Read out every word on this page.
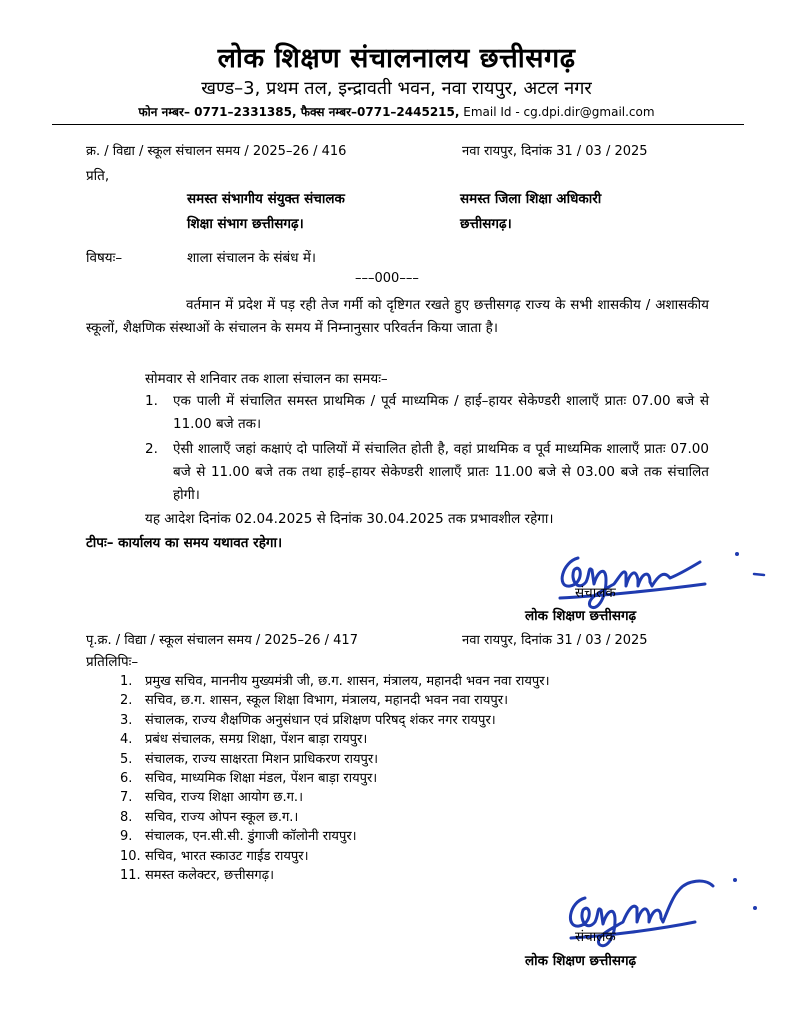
लोक शिक्षण संचालनालय छत्तीसगढ़
खण्ड–3, प्रथम तल, इन्द्रावती भवन, नवा रायपुर, अटल नगर
फोन नम्बर– 0771–2331385, फैक्स नम्बर–0771–2445215, Email Id - cg.dpi.dir@gmail.com
क्र. / विद्या / स्कूल संचालन समय / 2025–26 / 416	नवा रायपुर, दिनांक 31 / 03 / 2025
प्रति,
समस्त संभागीय संयुक्त संचालक
शिक्षा संभाग छत्तीसगढ़।
समस्त जिला शिक्षा अधिकारी
छत्तीसगढ़।
विषयः–	शाला संचालन के संबंध में।
–––000–––
वर्तमान में प्रदेश में पड़ रही तेज गर्मी को दृष्टिगत रखते हुए छत्तीसगढ़ राज्य के सभी शासकीय / अशासकीय स्कूलों, शैक्षणिक संस्थाओं के संचालन के समय में निम्नानुसार परिवर्तन किया जाता है।
सोमवार से शनिवार तक शाला संचालन का समयः–
1. एक पाली में संचालित समस्त प्राथमिक / पूर्व माध्यमिक / हाई–हायर सेकेण्डरी शालाऍं प्रातः 07.00 बजे से 11.00 बजे तक।
2. ऐसी शालाऍं जहां कक्षाएं दो पालियों में संचालित होती है, वहां प्राथमिक व पूर्व माध्यमिक शालाऍं प्रातः 07.00 बजे से 11.00 बजे तक तथा हाई–हायर सेकेण्डरी शालाऍं प्रातः 11.00 बजे से 03.00 बजे तक संचालित होगी।
यह आदेश दिनांक 02.04.2025 से दिनांक 30.04.2025 तक प्रभावशील रहेगा।
टीपः– कार्यालय का समय यथावत रहेगा।
संचालक
लोक शिक्षण छत्तीसगढ़
पृ.क्र. / विद्या / स्कूल संचालन समय / 2025–26 / 417	नवा रायपुर, दिनांक 31 / 03 / 2025
प्रतिलिपिः–
1. प्रमुख सचिव, माननीय मुख्यमंत्री जी, छ.ग. शासन, मंत्रालय, महानदी भवन नवा रायपुर।
2. सचिव, छ.ग. शासन, स्कूल शिक्षा विभाग, मंत्रालय, महानदी भवन नवा रायपुर।
3. संचालक, राज्य शैक्षणिक अनुसंधान एवं प्रशिक्षण परिषद् शंकर नगर रायपुर।
4. प्रबंध संचालक, समग्र शिक्षा, पेंशन बाड़ा रायपुर।
5. संचालक, राज्य साक्षरता मिशन प्राधिकरण रायपुर।
6. सचिव, माध्यमिक शिक्षा मंडल, पेंशन बाड़ा रायपुर।
7. सचिव, राज्य शिक्षा आयोग छ.ग.।
8. सचिव, राज्य ओपन स्कूल छ.ग.।
9. संचालक, एन.सी.सी. डुंगाजी कॉलोनी रायपुर।
10. सचिव, भारत स्काउट गाईड रायपुर।
11. समस्त कलेक्टर, छत्तीसगढ़।
संचालक
लोक शिक्षण छत्तीसगढ़
